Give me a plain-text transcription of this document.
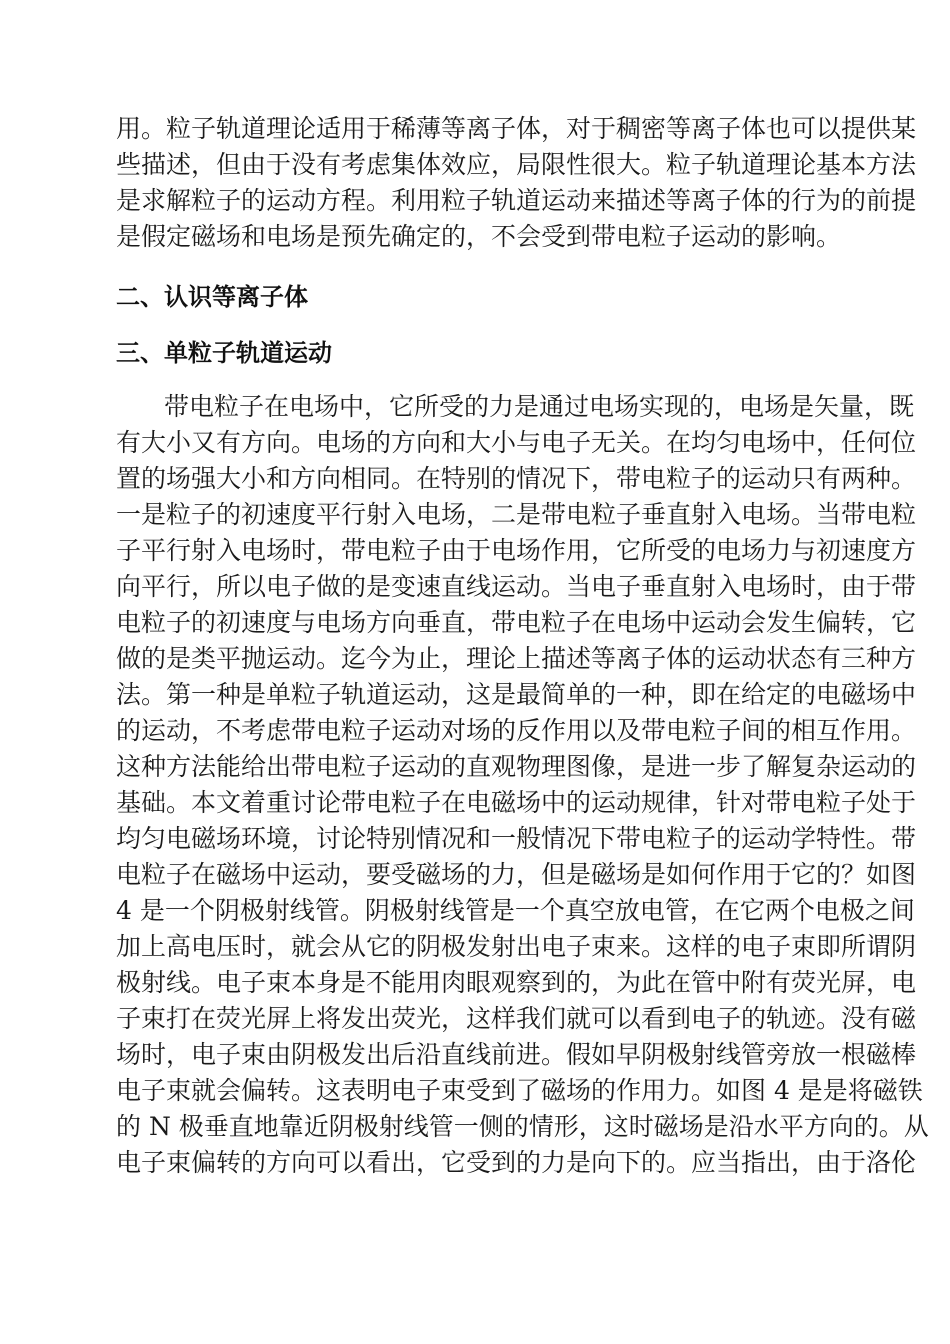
用。粒子轨道理论适用于稀薄等离子体，对于稠密等离子体也可以提供某
些描述，但由于没有考虑集体效应，局限性很大。粒子轨道理论基本方法
是求解粒子的运动方程。利用粒子轨道运动来描述等离子体的行为的前提
是假定磁场和电场是预先确定的，不会受到带电粒子运动的影响。
二、认识等离子体
三、单粒子轨道运动
带电粒子在电场中，它所受的力是通过电场实现的，电场是矢量，既
有大小又有方向。电场的方向和大小与电子无关。在均匀电场中，任何位
置的场强大小和方向相同。在特别的情况下，带电粒子的运动只有两种。
一是粒子的初速度平行射入电场，二是带电粒子垂直射入电场。当带电粒
子平行射入电场时，带电粒子由于电场作用，它所受的电场力与初速度方
向平行，所以电子做的是变速直线运动。当电子垂直射入电场时，由于带
电粒子的初速度与电场方向垂直，带电粒子在电场中运动会发生偏转，它
做的是类平抛运动。迄今为止，理论上描述等离子体的运动状态有三种方
法。第一种是单粒子轨道运动，这是最简单的一种，即在给定的电磁场中
的运动，不考虑带电粒子运动对场的反作用以及带电粒子间的相互作用。
这种方法能给出带电粒子运动的直观物理图像，是进一步了解复杂运动的
基础。本文着重讨论带电粒子在电磁场中的运动规律，针对带电粒子处于
均匀电磁场环境，讨论特别情况和一般情况下带电粒子的运动学特性。带
电粒子在磁场中运动，要受磁场的力，但是磁场是如何作用于它的？如图
4 是一个阴极射线管。阴极射线管是一个真空放电管，在它两个电极之间
加上高电压时，就会从它的阴极发射出电子束来。这样的电子束即所谓阴
极射线。电子束本身是不能用肉眼观察到的，为此在管中附有荧光屏，电
子束打在荧光屏上将发出荧光，这样我们就可以看到电子的轨迹。没有磁
场时，电子束由阴极发出后沿直线前进。假如早阴极射线管旁放一根磁棒
电子束就会偏转。这表明电子束受到了磁场的作用力。如图 4 是是将磁铁
的 N 极垂直地靠近阴极射线管一侧的情形，这时磁场是沿水平方向的。从
电子束偏转的方向可以看出，它受到的力是向下的。应当指出，由于洛伦
